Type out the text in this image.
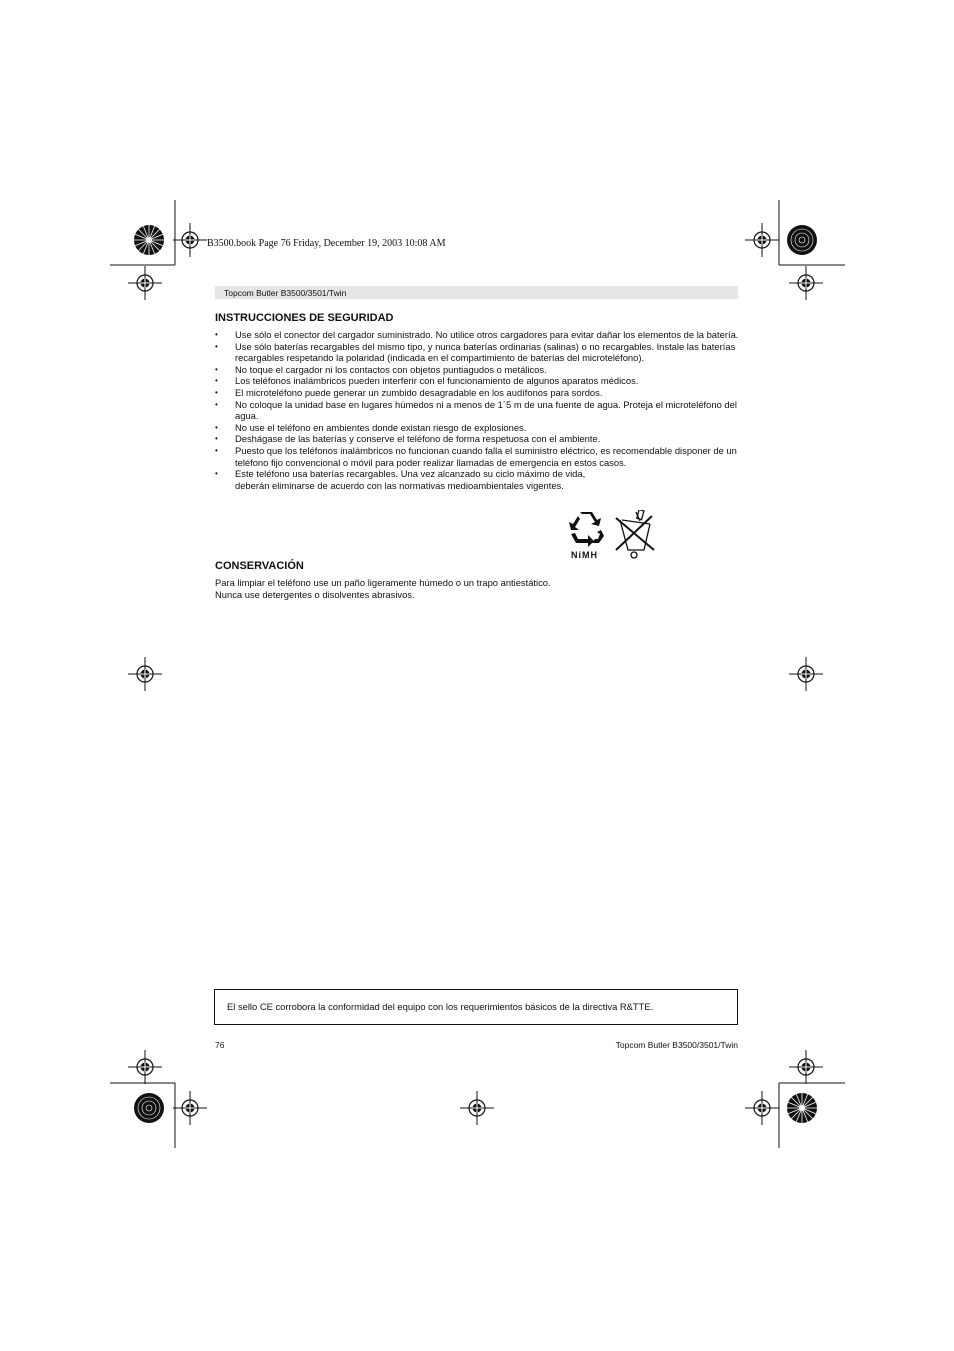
B3500.book Page 76 Friday, December 19, 2003 10:08 AM
Topcom Butler B3500/3501/Twin
INSTRUCCIONES DE SEGURIDAD
• Use sólo el conector del cargador suministrado. No utilice otros cargadores para evitar dañar los elementos de la batería.
• Use sólo baterías recargables del mismo tipo, y nunca baterías ordinarias (salinas) o no recargables. Instale las baterías recargables respetando la polaridad (indicada en el compartimiento de baterías del microteléfono).
• No toque el cargador ni los contactos con objetos puntiagudos o metálicos.
• Los teléfonos inalámbricos pueden interferir con el funcionamiento de algunos aparatos médicos.
• El microteléfono puede generar un zumbido desagradable en los audífonos para sordos.
• No coloque la unidad base en lugares húmedos ni a menos de 1´5 m de una fuente de agua. Proteja el microteléfono del agua.
• No use el teléfono en ambientes donde existan riesgo de explosiones.
• Deshágase de las baterías y conserve el teléfono de forma respetuosa con el ambiente.
• Puesto que los teléfonos inalámbricos no funcionan cuando falla el suministro eléctrico, es recomendable disponer de un teléfono fijo convencional o móvil para poder realizar llamadas de emergencia en estos casos.
• Este teléfono usa baterías recargables. Una vez alcanzado su ciclo máximo de vida,
deberán eliminarse de acuerdo con las normativas medioambientales vigentes.
NiMH
CONSERVACIÓN

Para limpiar el teléfono use un paño ligeramente húmedo o un trapo antiestático.

Nunca use detergentes o disolventes abrasivos.

El sello CE corrobora la conformidad del equipo con los requerimientos básicos de la directiva R&TTE.
76	Topcom Butler B3500/3501/Twin
